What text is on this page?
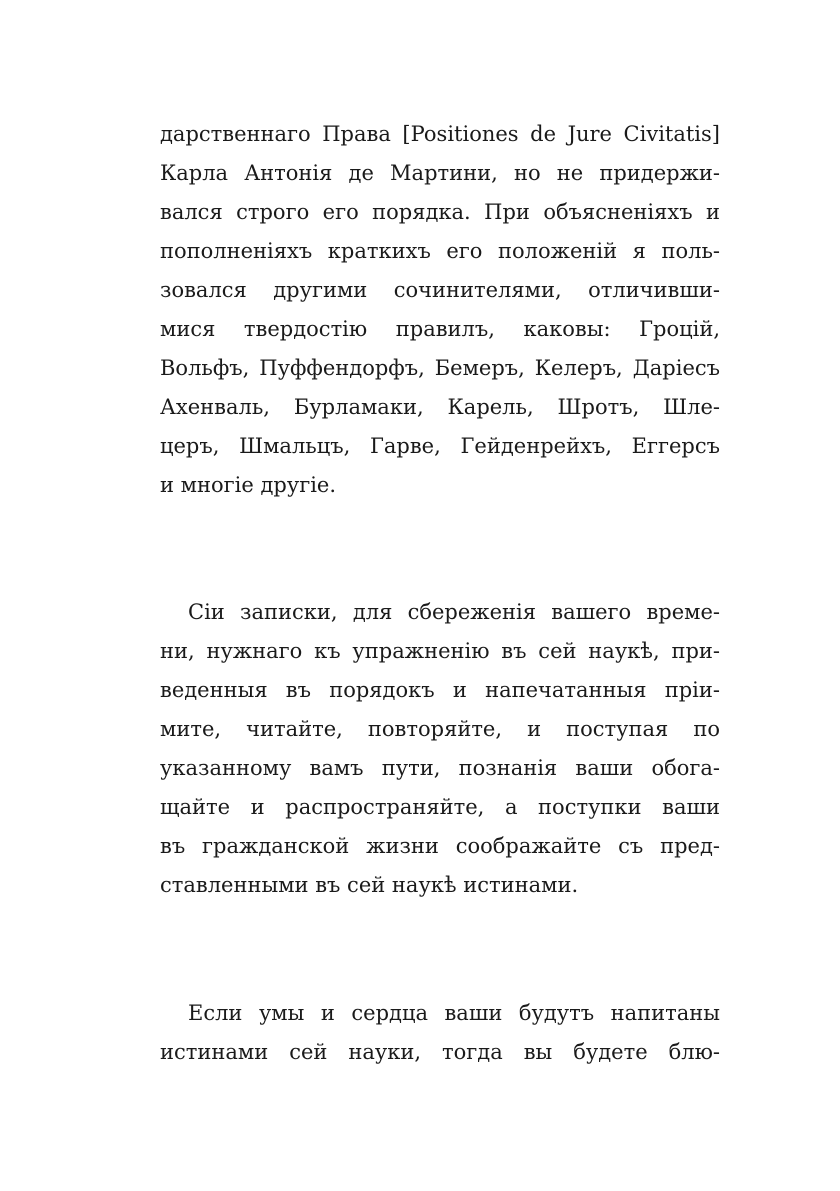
дарственнаго Права [Positiones de Jure Civitatis]
Карла Антонія де Мартини, но не придержи-
вался строго его порядка. При объясненіяхъ и
пополненіяхъ краткихъ его положеній я поль-
зовался другими сочинителями, отличивши-
мися твердостію правилъ, каковы: Гроцій,
Вольфъ, Пуффендорфъ, Бемеръ, Келеръ, Даріесъ
Ахенваль, Бурламаки, Карель, Шротъ, Шле-
церъ, Шмальцъ, Гарве, Гейденрейхъ, Еггерсъ
и многіе другіе.
Сіи записки, для сбереженія вашего време-
ни, нужнаго къ упражненію въ сей наукѣ, при-
веденныя въ порядокъ и напечатанныя пріи-
мите, читайте, повторяйте, и поступая по
указанному вамъ пути, познанія ваши обога-
щайте и распространяйте, а поступки ваши
въ гражданской жизни соображайте съ пред-
ставленными въ сей наукѣ истинами.
Если умы и сердца ваши будутъ напитаны
истинами сей науки, тогда вы будете блю-
